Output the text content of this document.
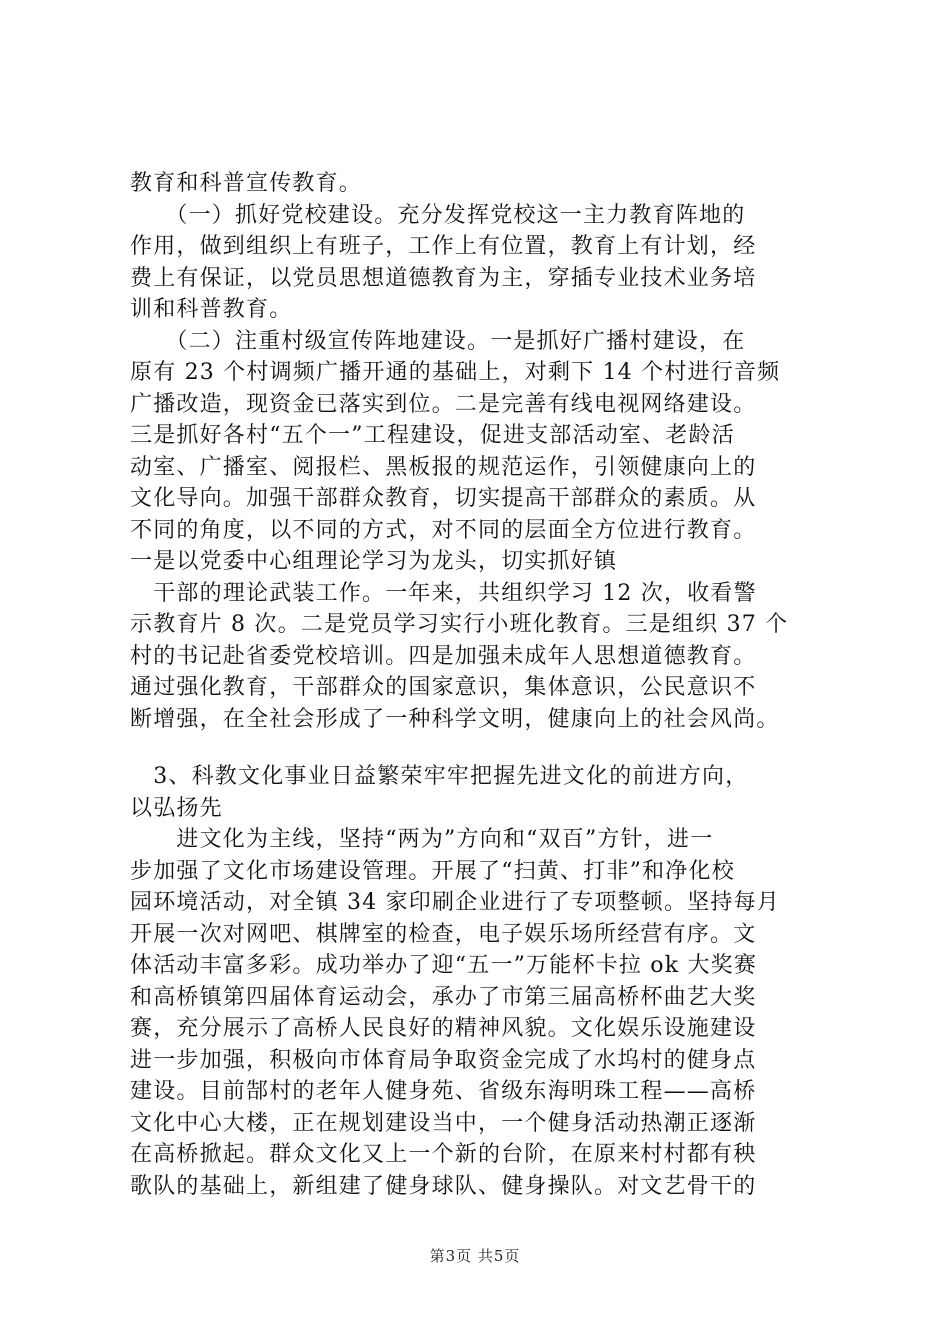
教育和科普宣传教育。
　　（一）抓好党校建设。充分发挥党校这一主力教育阵地的
作用，做到组织上有班子，工作上有位置，教育上有计划，经
费上有保证，以党员思想道德教育为主，穿插专业技术业务培
训和科普教育。
　　（二）注重村级宣传阵地建设。一是抓好广播村建设，在
原有 23 个村调频广播开通的基础上，对剩下 14 个村进行音频
广播改造，现资金已落实到位。二是完善有线电视网络建设。
三是抓好各村“五个一”工程建设，促进支部活动室、老龄活
动室、广播室、阅报栏、黑板报的规范运作，引领健康向上的
文化导向。加强干部群众教育，切实提高干部群众的素质。从
不同的角度，以不同的方式，对不同的层面全方位进行教育。
一是以党委中心组理论学习为龙头，切实抓好镇
　干部的理论武装工作。一年来，共组织学习 12 次，收看警
示教育片 8 次。二是党员学习实行小班化教育。三是组织 37 个
村的书记赴省委党校培训。四是加强未成年人思想道德教育。
通过强化教育，干部群众的国家意识，集体意识，公民意识不
断增强，在全社会形成了一种科学文明，健康向上的社会风尚。
　3、科教文化事业日益繁荣牢牢把握先进文化的前进方向，
以弘扬先
　　进文化为主线，坚持“两为”方向和“双百”方针，进一
步加强了文化市场建设管理。开展了“扫黄、打非”和净化校
园环境活动，对全镇 34 家印刷企业进行了专项整顿。坚持每月
开展一次对网吧、棋牌室的检查，电子娱乐场所经营有序。文
体活动丰富多彩。成功举办了迎“五一”万能杯卡拉 ok 大奖赛
和高桥镇第四届体育运动会，承办了市第三届高桥杯曲艺大奖
赛，充分展示了高桥人民良好的精神风貌。文化娱乐设施建设
进一步加强，积极向市体育局争取资金完成了水坞村的健身点
建设。目前郜村的老年人健身苑、省级东海明珠工程——高桥
文化中心大楼，正在规划建设当中，一个健身活动热潮正逐渐
在高桥掀起。群众文化又上一个新的台阶，在原来村村都有秧
歌队的基础上，新组建了健身球队、健身操队。对文艺骨干的
第3页 共5页
